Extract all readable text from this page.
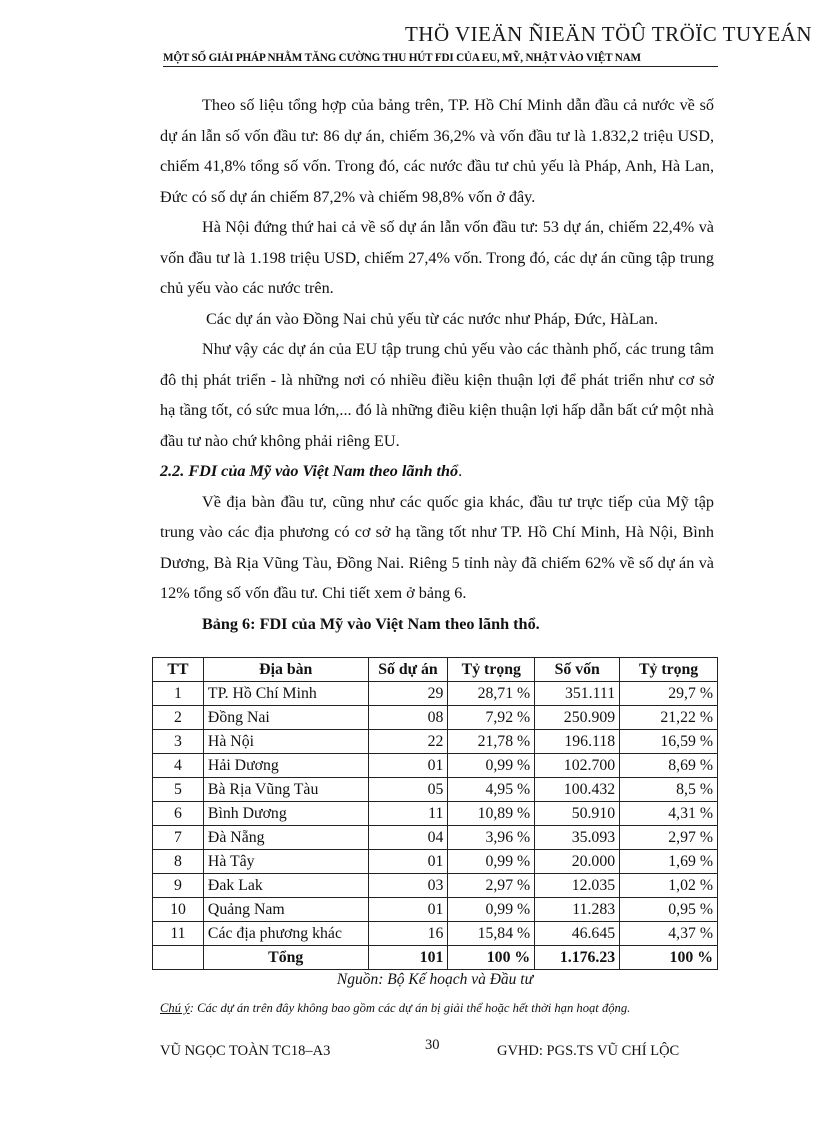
THÖ VIEÄN ÑIEÄN TÖÛ TRÖÏC TUYEÁN
MỘT SỐ GIẢI PHÁP NHẰM TĂNG CƯỜNG THU HÚT FDI CỦA EU, MỸ, NHẬT VÀO VIỆT NAM

Theo số liệu tổng hợp của bảng trên, TP. Hồ Chí Minh dẫn đầu cả nước về số dự án lẫn số vốn đầu tư: 86 dự án, chiếm 36,2% và vốn đầu tư là 1.832,2 triệu USD, chiếm 41,8% tổng số vốn. Trong đó, các nước đầu tư chủ yếu là Pháp, Anh, Hà Lan, Đức có số dự án chiếm 87,2% và chiếm 98,8% vốn ở đây.

Hà Nội đứng thứ hai cả về số dự án lẫn vốn đầu tư: 53 dự án, chiếm 22,4% và vốn đầu tư là 1.198 triệu USD, chiếm 27,4% vốn. Trong đó, các dự án cũng tập trung chủ yếu vào các nước trên.

Các dự án vào Đồng Nai chủ yếu từ các nước như Pháp, Đức, HàLan.

Như vậy các dự án của EU tập trung chủ yếu vào các thành phố, các trung tâm đô thị phát triển - là những nơi có nhiều điều kiện thuận lợi để phát triển như cơ sở hạ tầng tốt, có sức mua lớn,... đó là những điều kiện thuận lợi hấp dẫn bất cứ một nhà đầu tư nào chứ không phải riêng EU.

2.2. FDI của Mỹ vào Việt Nam theo lãnh thổ.

Về địa bàn đầu tư, cũng như các quốc gia khác, đầu tư trực tiếp của Mỹ tập trung vào các địa phương có cơ sở hạ tầng tốt như TP. Hồ Chí Minh, Hà Nội, Bình Dương, Bà Rịa Vũng Tàu, Đồng Nai. Riêng 5 tỉnh này đã chiếm 62% về số dự án và 12% tổng số vốn đầu tư. Chi tiết xem ở bảng 6.

Bảng 6: FDI của Mỹ vào Việt Nam theo lãnh thổ.

TT	Địa bàn	Số dự án	Tỷ trọng	Số vốn	Tỷ trọng
1	TP. Hồ Chí Minh	29	28,71 %	351.111	29,7 %
2	Đồng Nai	08	7,92 %	250.909	21,22 %
3	Hà Nội	22	21,78 %	196.118	16,59 %
4	Hải Dương	01	0,99 %	102.700	8,69 %
5	Bà Rịa Vũng Tàu	05	4,95 %	100.432	8,5 %
6	Bình Dương	11	10,89 %	50.910	4,31 %
7	Đà Nẵng	04	3,96 %	35.093	2,97 %
8	Hà Tây	01	0,99 %	20.000	1,69 %
9	Đak Lak	03	2,97 %	12.035	1,02 %
10	Quảng Nam	01	0,99 %	11.283	0,95 %
11	Các địa phương khác	16	15,84 %	46.645	4,37 %
	Tổng	101	100 %	1.176.23	100 %
Nguồn: Bộ Kế hoạch và Đầu tư
Chú ý: Các dự án trên đây không bao gồm các dự án bị giải thể hoặc hết thời hạn hoạt động.
VŨ NGỌC TOÀN TC18–A3	30	GVHD: PGS.TS VŨ CHÍ LỘC
